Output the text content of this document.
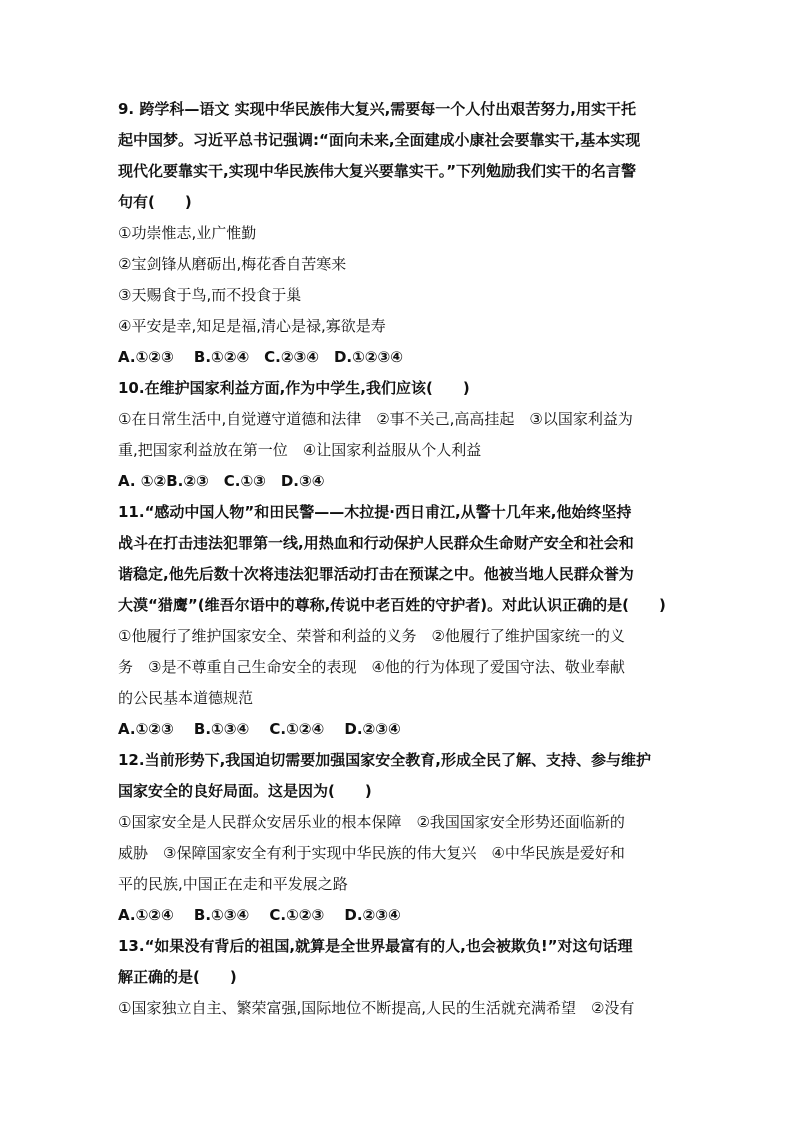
9. 跨学科—语文 实现中华民族伟大复兴,需要每一个人付出艰苦努力,用实干托
起中国梦。习近平总书记强调:“面向未来,全面建成小康社会要靠实干,基本实现
现代化要靠实干,实现中华民族伟大复兴要靠实干。”下列勉励我们实干的名言警
句有(　　)
①功崇惟志,业广惟勤
②宝剑锋从磨砺出,梅花香自苦寒来
③天赐食于鸟,而不投食于巢
④平安是幸,知足是福,清心是禄,寡欲是寿
A.①②③　 B.①②④　C.②③④　D.①②③④
10.在维护国家利益方面,作为中学生,我们应该(　　)
①在日常生活中,自觉遵守道德和法律　②事不关己,高高挂起　③以国家利益为
重,把国家利益放在第一位　④让国家利益服从个人利益
A. ①②B.②③　C.①③　D.③④
11.“感动中国人物”和田民警——木拉提·西日甫江,从警十几年来,他始终坚持
战斗在打击违法犯罪第一线,用热血和行动保护人民群众生命财产安全和社会和
谐稳定,他先后数十次将违法犯罪活动打击在预谋之中。他被当地人民群众誉为
大漠“猎鹰”(维吾尔语中的尊称,传说中老百姓的守护者)。对此认识正确的是(　　)
①他履行了维护国家安全、荣誉和利益的义务　②他履行了维护国家统一的义
务　③是不尊重自己生命安全的表现　④他的行为体现了爱国守法、敬业奉献
的公民基本道德规范
A.①②③　 B.①③④　 C.①②④　 D.②③④
12.当前形势下,我国迫切需要加强国家安全教育,形成全民了解、支持、参与维护
国家安全的良好局面。这是因为(　　)
①国家安全是人民群众安居乐业的根本保障　②我国国家安全形势还面临新的
威胁　③保障国家安全有利于实现中华民族的伟大复兴　④中华民族是爱好和
平的民族,中国正在走和平发展之路
A.①②④　 B.①③④　 C.①②③　 D.②③④
13.“如果没有背后的祖国,就算是全世界最富有的人,也会被欺负!”对这句话理
解正确的是(　　)
①国家独立自主、繁荣富强,国际地位不断提高,人民的生活就充满希望　②没有
